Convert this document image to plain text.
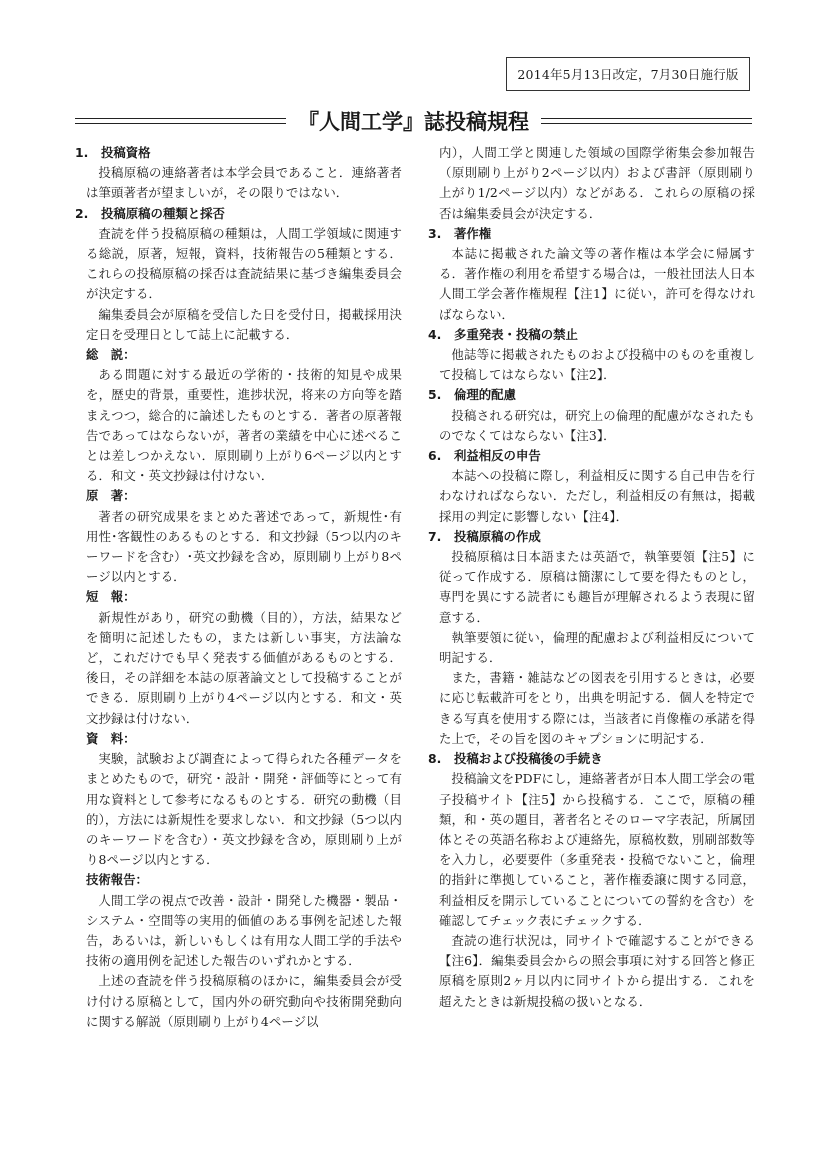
2014年5月13日改定，7月30日施行版
『人間工学』誌投稿規程
1.	投稿資格
投稿原稿の連絡著者は本学会員であること．連絡著者は筆頭著者が望ましいが，その限りではない．
2.	投稿原稿の種類と採否
査読を伴う投稿原稿の種類は，人間工学領域に関連する総説，原著，短報，資料，技術報告の5種類とする．これらの投稿原稿の採否は査読結果に基づき編集委員会が決定する．
編集委員会が原稿を受信した日を受付日，掲載採用決定日を受理日として誌上に記載する．
総　説：
ある問題に対する最近の学術的・技術的知見や成果を，歴史的背景，重要性，進捗状況，将来の方向等を踏まえつつ，総合的に論述したものとする．著者の原著報告であってはならないが，著者の業績を中心に述べることは差しつかえない．原則刷り上がり6ページ以内とする．和文・英文抄録は付けない．
原　著：
著者の研究成果をまとめた著述であって，新規性･有用性･客観性のあるものとする．和文抄録（5つ以内のキーワードを含む）･英文抄録を含め，原則刷り上がり8ページ以内とする．
短　報：
新規性があり，研究の動機（目的），方法，結果などを簡明に記述したもの，または新しい事実，方法論など，これだけでも早く発表する価値があるものとする．後日，その詳細を本誌の原著論文として投稿することができる．原則刷り上がり4ページ以内とする．和文・英文抄録は付けない．
資　料：
実験，試験および調査によって得られた各種データをまとめたもので，研究・設計・開発・評価等にとって有用な資料として参考になるものとする．研究の動機（目的），方法には新規性を要求しない．和文抄録（5つ以内のキーワードを含む）・英文抄録を含め，原則刷り上がり8ページ以内とする．
技術報告：
人間工学の視点で改善・設計・開発した機器・製品・システム・空間等の実用的価値のある事例を記述した報告，あるいは，新しいもしくは有用な人間工学的手法や技術の適用例を記述した報告のいずれかとする．
上述の査読を伴う投稿原稿のほかに，編集委員会が受け付ける原稿として，国内外の研究動向や技術開発動向に関する解説（原則刷り上がり4ページ以
内），人間工学と関連した領域の国際学術集会参加報告（原則刷り上がり2ページ以内）および書評（原則刷り上がり1/2ページ以内）などがある．これらの原稿の採否は編集委員会が決定する．
3.	著作権
本誌に掲載された論文等の著作権は本学会に帰属する．著作権の利用を希望する場合は，一般社団法人日本人間工学会著作権規程【注1】に従い，許可を得なければならない．
4.	多重発表・投稿の禁止
他誌等に掲載されたものおよび投稿中のものを重複して投稿してはならない【注2】．
5.	倫理的配慮
投稿される研究は，研究上の倫理的配慮がなされたものでなくてはならない【注3】．
6.	利益相反の申告
本誌への投稿に際し，利益相反に関する自己申告を行わなければならない．ただし，利益相反の有無は，掲載採用の判定に影響しない【注4】．
7.	投稿原稿の作成
投稿原稿は日本語または英語で，執筆要領【注5】に従って作成する．原稿は簡潔にして要を得たものとし，専門を異にする読者にも趣旨が理解されるよう表現に留意する．
執筆要領に従い，倫理的配慮および利益相反について明記する．
また，書籍・雑誌などの図表を引用するときは，必要に応じ転載許可をとり，出典を明記する．個人を特定できる写真を使用する際には，当該者に肖像権の承諾を得た上で，その旨を図のキャプションに明記する．
8.	投稿および投稿後の手続き
投稿論文をPDFにし，連絡著者が日本人間工学会の電子投稿サイト【注5】から投稿する．ここで，原稿の種類，和・英の題目，著者名とそのローマ字表記，所属団体とその英語名称および連絡先，原稿枚数，別刷部数等を入力し，必要要件（多重発表・投稿でないこと，倫理的指針に準拠していること，著作権委譲に関する同意，利益相反を開示していることについての誓約を含む）を確認してチェック表にチェックする．
査読の進行状況は，同サイトで確認することができる【注6】．編集委員会からの照会事項に対する回答と修正原稿を原則2ヶ月以内に同サイトから提出する．これを超えたときは新規投稿の扱いとなる．
